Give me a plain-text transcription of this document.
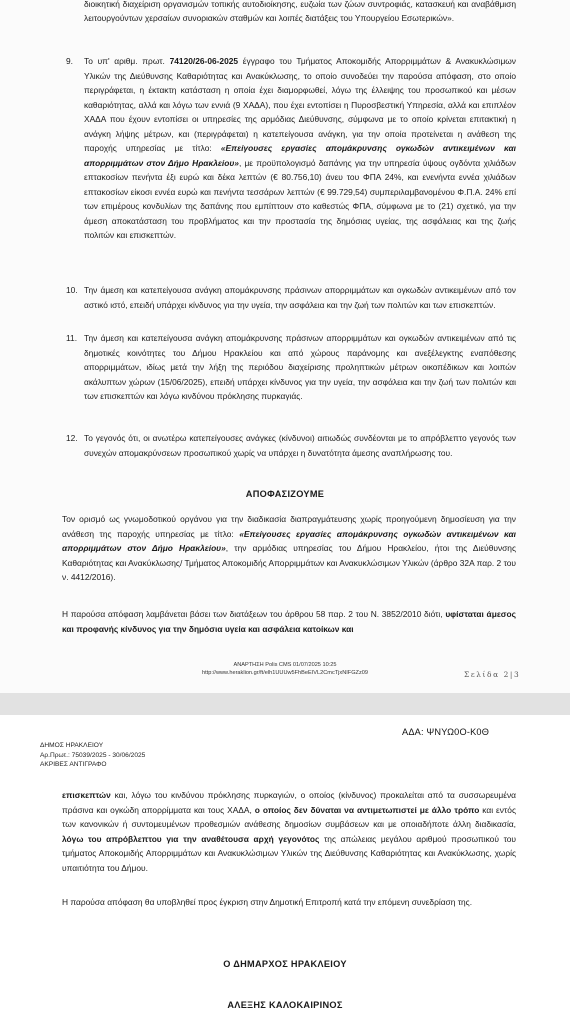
διοικητική διαχείριση οργανισμών τοπικής αυτοδιοίκησης, ευζωία των ζώων συντροφιάς, κατασκευή και αναβάθμιση λειτουργούντων χερσαίων συνοριακών σταθμών και λοιπές διατάξεις του Υπουργείου Εσωτερικών».
9. Το υπ' αριθμ. πρωτ. 74120/26-06-2025 έγγραφο του Τμήματος Αποκομιδής Απορριμμάτων & Ανακυκλώσιμων Υλικών της Διεύθυνσης Καθαριότητας και Ανακύκλωσης, το οποίο συνοδεύει την παρούσα απόφαση, στο οποίο περιγράφεται, η έκτακτη κατάσταση η οποία έχει διαμορφωθεί, λόγω της έλλειψης του προσωπικού και μέσων καθαριότητας, αλλά και λόγω των εννιά (9 ΧΑΔΑ), που έχει εντοπίσει η Πυροσβεστική Υπηρεσία, αλλά και επιπλέον ΧΑΔΑ που έχουν εντοπίσει οι υπηρεσίες της αρμόδιας Διεύθυνσης, σύμφωνα με το οποίο κρίνεται επιτακτική η ανάγκη λήψης μέτρων, και (περιγράφεται) η κατεπείγουσα ανάγκη, για την οποία προτείνεται η ανάθεση της παροχής υπηρεσίας με τίτλο: «Επείγουσες εργασίες απομάκρυνσης ογκωδών αντικειμένων και απορριμμάτων στον Δήμο Ηρακλείου», με προϋπολογισμό δαπάνης για την υπηρεσία ύψους ογδόντα χιλιάδων επτακοσίων πενήντα έξι ευρώ και δέκα λεπτών (€ 80.756,10) άνευ του ΦΠΑ 24%, και ενενήντα εννέα χιλιάδων επτακοσίων είκοσι εννέα ευρώ και πενήντα τεσσάρων λεπτών (€ 99.729,54) συμπεριλαμβανομένου Φ.Π.Α. 24% επί των επιμέρους κονδυλίων της δαπάνης που εμπίπτουν στο καθεστώς ΦΠΑ, σύμφωνα με το (21) σχετικό, για την άμεση αποκατάσταση του προβλήματος και την προστασία της δημόσιας υγείας, της ασφάλειας και της ζωής πολιτών και επισκεπτών.
10. Την άμεση και κατεπείγουσα ανάγκη απομάκρυνσης πράσινων απορριμμάτων και ογκωδών αντικειμένων από τον αστικό ιστό, επειδή υπάρχει κίνδυνος για την υγεία, την ασφάλεια και την ζωή των πολιτών και των επισκεπτών.
11. Την άμεση και κατεπείγουσα ανάγκη απομάκρυνσης πράσινων απορριμμάτων και ογκωδών αντικειμένων από τις δημοτικές κοινότητες του Δήμου Ηρακλείου και από χώρους παράνομης και ανεξέλεγκτης εναπόθεσης απορριμμάτων, ιδίως μετά την λήξη της περιόδου διαχείρισης προληπτικών μέτρων οικοπέδικων και λοιπών ακάλυπτων χώρων (15/06/2025), επειδή υπάρχει κίνδυνος για την υγεία, την ασφάλεια και την ζωή των πολιτών και των επισκεπτών και λόγω κινδύνου πρόκλησης πυρκαγιάς.
12. Το γεγονός ότι, οι ανωτέρω κατεπείγουσες ανάγκες (κίνδυνοι) αιτιωδώς συνδέονται με το απρόβλεπτο γεγονός των συνεχών απομακρύνσεων προσωπικού χωρίς να υπάρχει η δυνατότητα άμεσης αναπλήρωσης του.
ΑΠΟΦΑΣΙΖΟΥΜΕ
Τον ορισμό ως γνωμοδοτικού οργάνου για την διαδικασία διαπραγμάτευσης χωρίς προηγούμενη δημοσίευση για την ανάθεση της παροχής υπηρεσίας με τίτλο: «Επείγουσες εργασίες απομάκρυνσης ογκωδών αντικειμένων και απορριμμάτων στον Δήμο Ηρακλείου», την αρμόδιας υπηρεσίας του Δήμου Ηρακλείου, ήτοι της Διεύθυνσης Καθαριότητας και Ανακύκλωσης/ Τμήματος Αποκομιδής Απορριμμάτων και Ανακυκλώσιμων Υλικών (άρθρο 32Α παρ. 2 του ν. 4412/2016).
Η παρούσα απόφαση λαμβάνεται βάσει των διατάξεων του άρθρου 58 παρ. 2 του Ν. 3852/2010 διότι, υφίσταται άμεσος και προφανής κίνδυνος για την δημόσια υγεία και ασφάλεια κατοίκων και
ΑΝΑΡΤΗΣΗ Polis CMS 01/07/2025 10:25
http://www.heraklion.gr/ft/elh1UUUw5FhBeEIVL2CmcTjxNIFGZz09	Σελίδα 2|3
ΔΗΜΟΣ ΗΡΑΚΛΕΙΟΥ
Αρ.Πρωτ.: 75039/2025 - 30/06/2025
ΑΚΡΙΒΕΣ ΑΝΤΙΓΡΑΦΟ
ΑΔΑ: ΨΝΥΩ0Ο-Κ0Θ
επισκεπτών και, λόγω του κινδύνου πρόκλησης πυρκαγιών, ο οποίος (κίνδυνος) προκαλείται από τα συσσωρευμένα πράσινα και ογκώδη απορρίμματα και τους ΧΑΔΑ, ο οποίος δεν δύναται να αντιμετωπιστεί με άλλο τρόπο και εντός των κανονικών ή συντομευμένων προθεσμιών ανάθεσης δημοσίων συμβάσεων και με οποιαδήποτε άλλη διαδικασία, λόγω του απρόβλεπτου για την αναθέτουσα αρχή γεγονότος της απώλειας μεγάλου αριθμού προσωπικού του τμήματος Αποκομιδής Απορριμμάτων και Ανακυκλώσιμων Υλικών της Διεύθυνσης Καθαριότητας και Ανακύκλωσης, χωρίς υπαιτιότητα του Δήμου.
Η παρούσα απόφαση θα υποβληθεί προς έγκριση στην Δημοτική Επιτροπή κατά την επόμενη συνεδρίαση της.
Ο ΔΗΜΑΡΧΟΣ ΗΡΑΚΛΕΙΟΥ
ΑΛΕΞΗΣ ΚΑΛΟΚΑΙΡΙΝΟΣ
